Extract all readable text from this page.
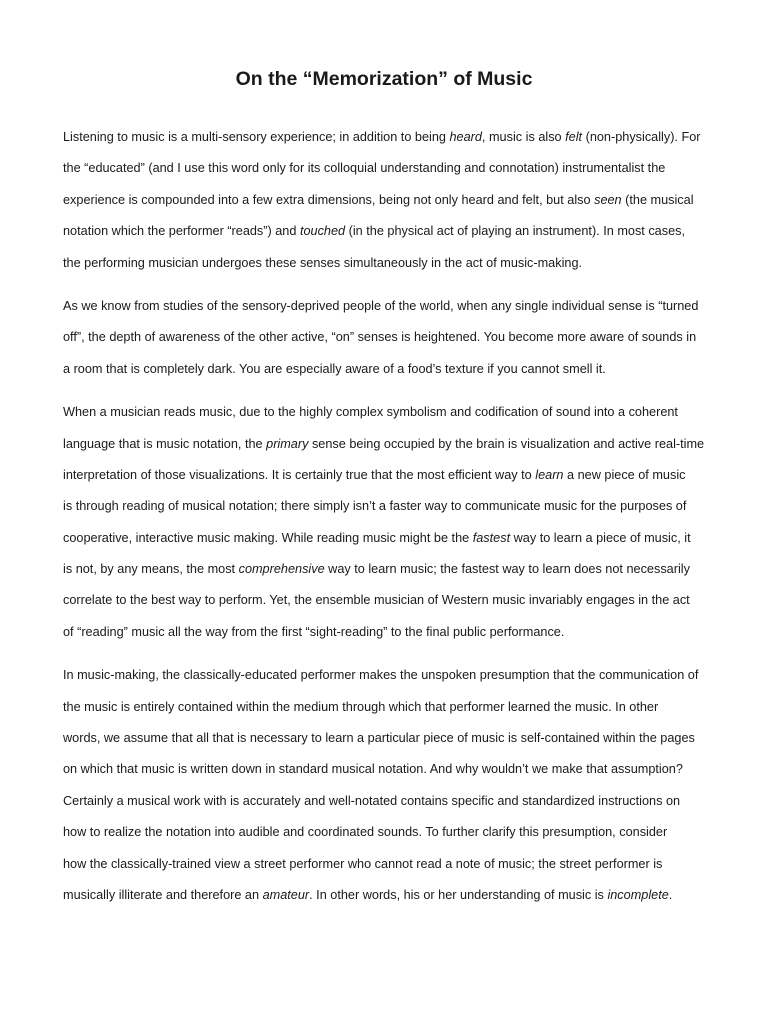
On the “Memorization” of Music

Listening to music is a multi-sensory experience; in addition to being heard, music is also felt (non-physically). For
the “educated” (and I use this word only for its colloquial understanding and connotation) instrumentalist the
experience is compounded into a few extra dimensions, being not only heard and felt, but also seen (the musical
notation which the performer “reads”) and touched (in the physical act of playing an instrument). In most cases,
the performing musician undergoes these senses simultaneously in the act of music-making.

As we know from studies of the sensory-deprived people of the world, when any single individual sense is “turned
off”, the depth of awareness of the other active, “on” senses is heightened. You become more aware of sounds in
a room that is completely dark. You are especially aware of a food’s texture if you cannot smell it.

When a musician reads music, due to the highly complex symbolism and codification of sound into a coherent
language that is music notation, the primary sense being occupied by the brain is visualization and active real-time
interpretation of those visualizations. It is certainly true that the most efficient way to learn a new piece of music
is through reading of musical notation; there simply isn’t a faster way to communicate music for the purposes of
cooperative, interactive music making. While reading music might be the fastest way to learn a piece of music, it
is not, by any means, the most comprehensive way to learn music; the fastest way to learn does not necessarily
correlate to the best way to perform. Yet, the ensemble musician of Western music invariably engages in the act
of “reading” music all the way from the first “sight-reading” to the final public performance.

In music-making, the classically-educated performer makes the unspoken presumption that the communication of
the music is entirely contained within the medium through which that performer learned the music. In other
words, we assume that all that is necessary to learn a particular piece of music is self-contained within the pages
on which that music is written down in standard musical notation. And why wouldn’t we make that assumption?
Certainly a musical work with is accurately and well-notated contains specific and standardized instructions on
how to realize the notation into audible and coordinated sounds. To further clarify this presumption, consider
how the classically-trained view a street performer who cannot read a note of music; the street performer is
musically illiterate and therefore an amateur. In other words, his or her understanding of music is incomplete.
